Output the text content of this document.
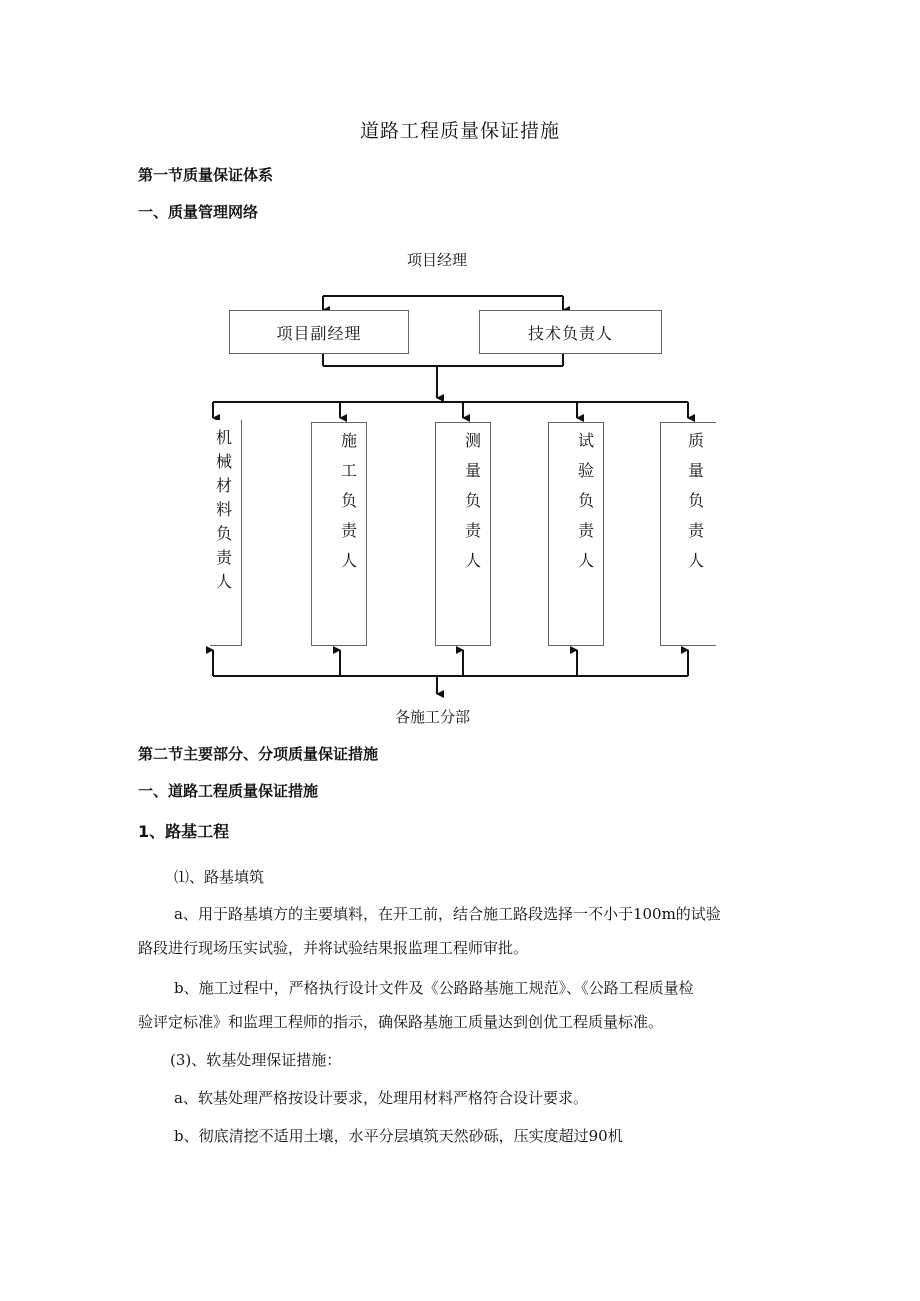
道路工程质量保证措施
第一节质量保证体系
一、质量管理网络
项目经理
项目副经理	技术负责人
机械材料负责人
施工负责人
测量负责人
试验负责人
质量负责人
各施工分部
第二节主要部分、分项质量保证措施
一、道路工程质量保证措施
1、路基工程
⑴、路基填筑
a、用于路基填方的主要填料，在开工前，结合施工路段选择一不小于100m的试验
路段进行现场压实试验，并将试验结果报监理工程师审批。
b、施工过程中，严格执行设计文件及《公路路基施工规范》、《公路工程质量检
验评定标准》和监理工程师的指示，确保路基施工质量达到创优工程质量标准。
(3)、软基处理保证措施：
a、软基处理严格按设计要求，处理用材料严格符合设计要求。
b、彻底清挖不适用土壤，水平分层填筑天然砂砾，压实度超过90机
